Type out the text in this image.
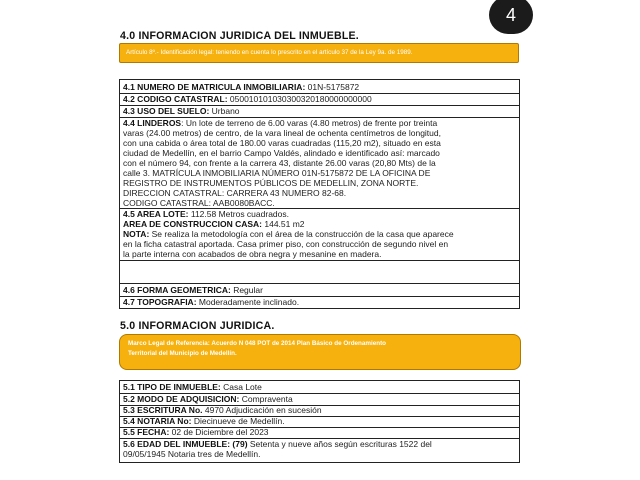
4
4.0 INFORMACION JURIDICA DEL INMUEBLE.
Artículo 8º.- Identificación legal: teniendo en cuenta lo prescrito en el artículo 37 de la Ley 9a. de 1989.
4.1 NUMERO DE MATRICULA INMOBILIARIA: 01N-5175872
4.2 CODIGO CATASTRAL: 050010101030300320180000000000
4.3 USO DEL SUELO: Urbano
4.4 LINDEROS: Un lote de terreno de 6.00 varas (4.80 metros) de frente por treinta
varas (24.00 metros) de centro, de la vara lineal de ochenta centímetros de longitud,
con una cabida o área total de 180.00 varas cuadradas (115,20 m2), situado en esta
ciudad de Medellín, en el barrio Campo Valdés, alindado e identificado así: marcado
con el número 94, con frente a la carrera 43, distante 26.00 varas (20,80 Mts) de la
calle 3. MATRÍCULA INMOBILIARIA NÚMERO 01N-5175872 DE LA OFICINA DE
REGISTRO DE INSTRUMENTOS PÚBLICOS DE MEDELLIN, ZONA NORTE.
DIRECCION CATASTRAL: CARRERA 43 NUMERO 82-68.
CODIGO CATASTRAL: AAB0080BACC.
4.5 AREA LOTE: 112.58 Metros cuadrados.
AREA DE CONSTRUCCION CASA: 144.51 m2
NOTA: Se realiza la metodología con el área de la construcción de la casa que aparece
en la ficha catastral aportada. Casa primer piso, con construcción de segundo nivel en
la parte interna con acabados de obra negra y mesanine en madera.
4.6 FORMA GEOMETRICA: Regular
4.7 TOPOGRAFIA: Moderadamente inclinado.
5.0 INFORMACION JURIDICA.
Marco Legal de Referencia: Acuerdo N 048 POT de 2014 Plan Básico de Ordenamiento
Territorial del Municipio de Medellín.
5.1 TIPO DE INMUEBLE: Casa Lote
5.2 MODO DE ADQUISICION: Compraventa
5.3 ESCRITURA No. 4970 Adjudicación en sucesión
5.4 NOTARIA No: Diecinueve de Medellín.
5.5 FECHA: 02 de Diciembre del 2023
5.6 EDAD DEL INMUEBLE: (79) Setenta y nueve años según escrituras 1522 del
09/05/1945 Notaria tres de Medellín.
